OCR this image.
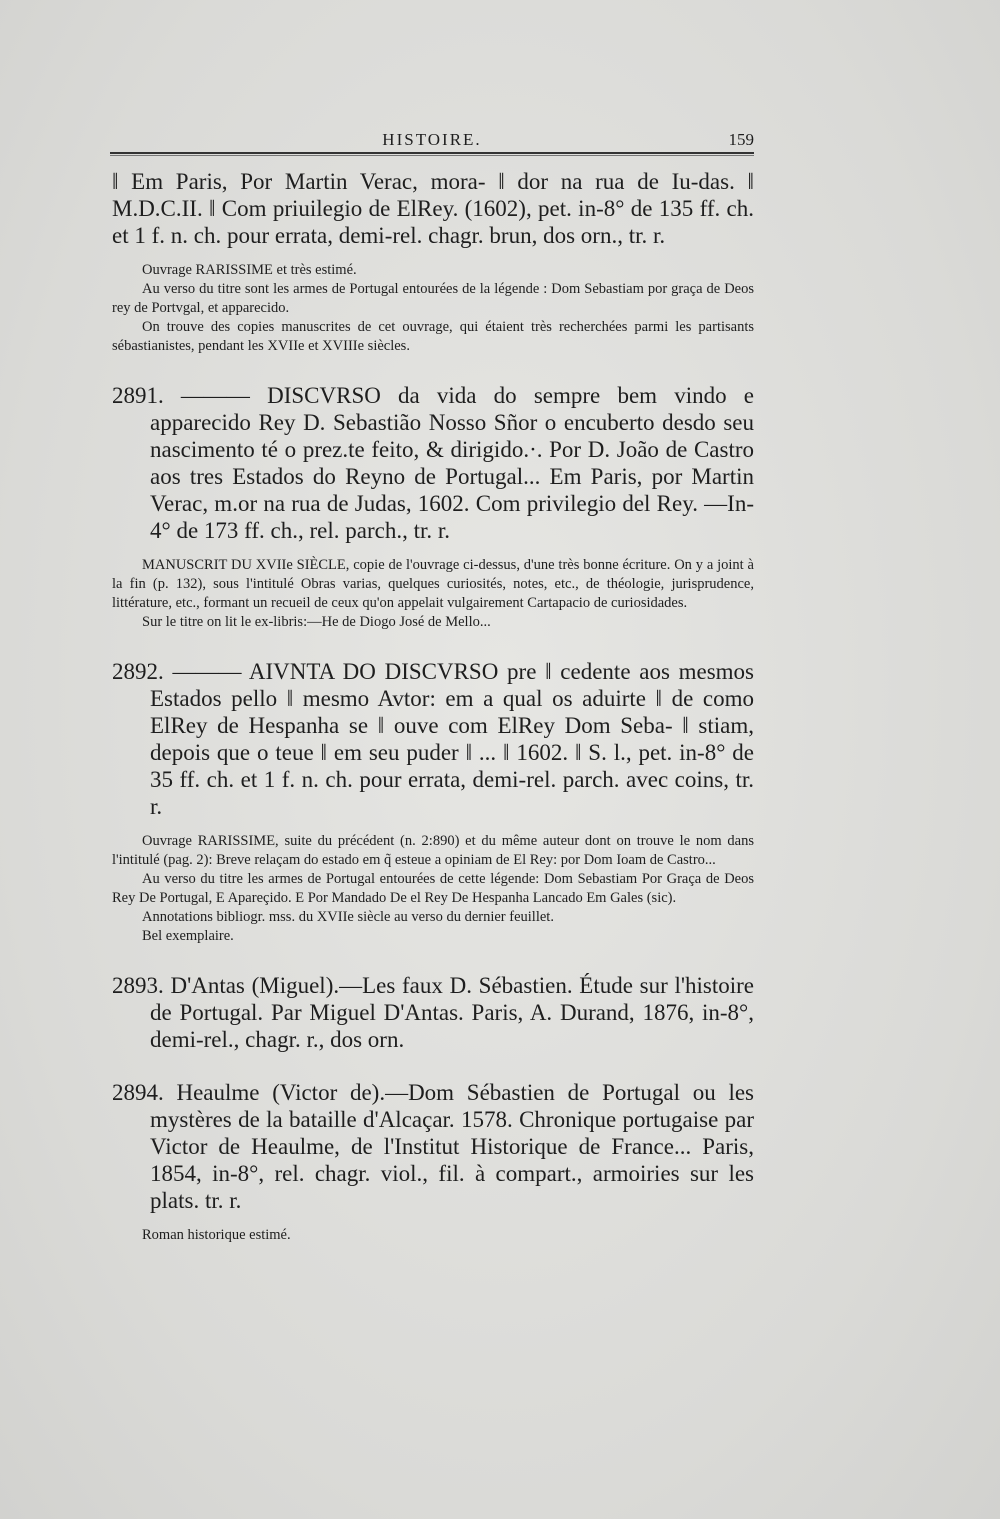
HISTOIRE.	159

‖ Em Paris, Por Martin Verac, mora- ‖ dor na rua de Iu-das. ‖ M.D.C.II. ‖ Com priuilegio de ElRey. (1602), pet. in-8° de 135 ff. ch. et 1 f. n. ch. pour errata, demi-rel. chagr. brun, dos orn., tr. r.

Ouvrage RARISSIME et très estimé.

Au verso du titre sont les armes de Portugal entourées de la légende : Dom Sebastiam por graça de Deos rey de Portvgal, et apparecido.

On trouve des copies manuscrites de cet ouvrage, qui étaient très recherchées parmi les partisants sébastianistes, pendant les XVIIe et XVIIIe siècles.

2891. ——— DISCVRSO da vida do sempre bem vindo e apparecido Rey D. Sebastião Nosso Sñor o encuberto desdo seu nascimento té o prez.te feito, & dirigido.·. Por D. João de Castro aos tres Estados do Reyno de Portugal... Em Paris, por Martin Verac, m.or na rua de Judas, 1602. Com privilegio del Rey. —In-4° de 173 ff. ch., rel. parch., tr. r.

MANUSCRIT DU XVIIe SIÈCLE, copie de l'ouvrage ci-dessus, d'une très bonne écriture. On y a joint à la fin (p. 132), sous l'intitulé Obras varias, quelques curiosités, notes, etc., de théologie, jurisprudence, littérature, etc., formant un recueil de ceux qu'on appelait vulgairement Cartapacio de curiosidades.

Sur le titre on lit le ex-libris:—He de Diogo José de Mello...

2892. ——— AIVNTA DO DISCVRSO pre ‖ cedente aos mesmos Estados pello ‖ mesmo Avtor: em a qual os aduirte ‖ de como ElRey de Hespanha se ‖ ouve com ElRey Dom Seba- ‖ stiam, depois que o teue ‖ em seu puder ‖ ... ‖ 1602. ‖ S. l., pet. in-8° de 35 ff. ch. et 1 f. n. ch. pour errata, demi-rel. parch. avec coins, tr. r.

Ouvrage RARISSIME, suite du précédent (n. 2:890) et du même auteur dont on trouve le nom dans l'intitulé (pag. 2): Breve relaçam do estado em q̃ esteue a opiniam de El Rey: por Dom Ioam de Castro...

Au verso du titre les armes de Portugal entourées de cette légende: Dom Sebastiam Por Graça de Deos Rey De Portugal, E Apareçido. E Por Mandado De el Rey De Hespanha Lancado Em Gales (sic).

Annotations bibliogr. mss. du XVIIe siècle au verso du dernier feuillet.

Bel exemplaire.

2893. D'Antas (Miguel).—Les faux D. Sébastien. Étude sur l'histoire de Portugal. Par Miguel D'Antas. Paris, A. Durand, 1876, in-8°, demi-rel., chagr. r., dos orn.

2894. Heaulme (Victor de).—Dom Sébastien de Portugal ou les mystères de la bataille d'Alcaçar. 1578. Chronique portugaise par Victor de Heaulme, de l'Institut Historique de France... Paris, 1854, in-8°, rel. chagr. viol., fil. à compart., armoiries sur les plats. tr. r.

Roman historique estimé.
